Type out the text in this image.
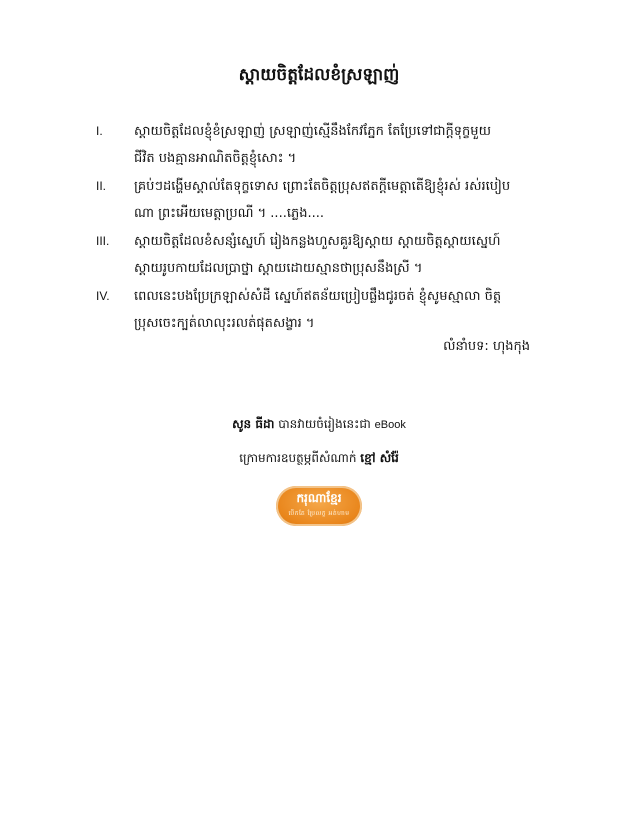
ស្តាយចិត្តដែលខំស្រឡាញ់
I. ស្តាយចិត្តដែលខ្ញុំខំស្រឡាញ់ ស្រឡាញ់ស្មើនឹងកែវភ្នែក តែប្រែទៅជាក្តីទុក្ខមួយ
ជីវិត បងគ្មានអាណិតចិត្តខ្ញុំសោះ ។
II. គ្រប់ៗដង្ហើមស្គាល់តែទុក្ខទោស ព្រោះតែចិត្តប្រុសឥតក្តីមេត្តាតើឱ្យខ្ញុំរស់ រស់របៀប
ណា ព្រះអើយមេត្តាប្រណី ។ ....ភ្លេង....
III. ស្តាយចិត្តដែលខំសន្សំស្នេហ៍ រៀងកន្លងហួសគួរឱ្យស្តាយ ស្តាយចិត្តស្តាយស្នេហ៍
ស្តាយរូបកាយដែលប្រាថ្នា ស្តាយដោយស្មានថាប្រុសនឹងស្រី ។
IV. ពេលនេះបងប្រែក្រឡាស់សំដី ស្នេហ៍ឥតន័យប្រៀបផ្លឹងជូរចត់ ខ្ញុំសូមស្មាលា ចិត្ត
ប្រុសចេះក្បត់លាលុះរលត់ផុតសង្ខារ ។
លំនាំបទ: ហុងកុង
សូន ធីដា បានវាយចំរៀងនេះជា eBook
ក្រោមការឧបត្ថម្ភពីសំណាក់ ខ្មៅ សំរ៉ែ
ករុណាខ្មែរ
បើកតែ ប្រែលក្ខ អត់ហាម
